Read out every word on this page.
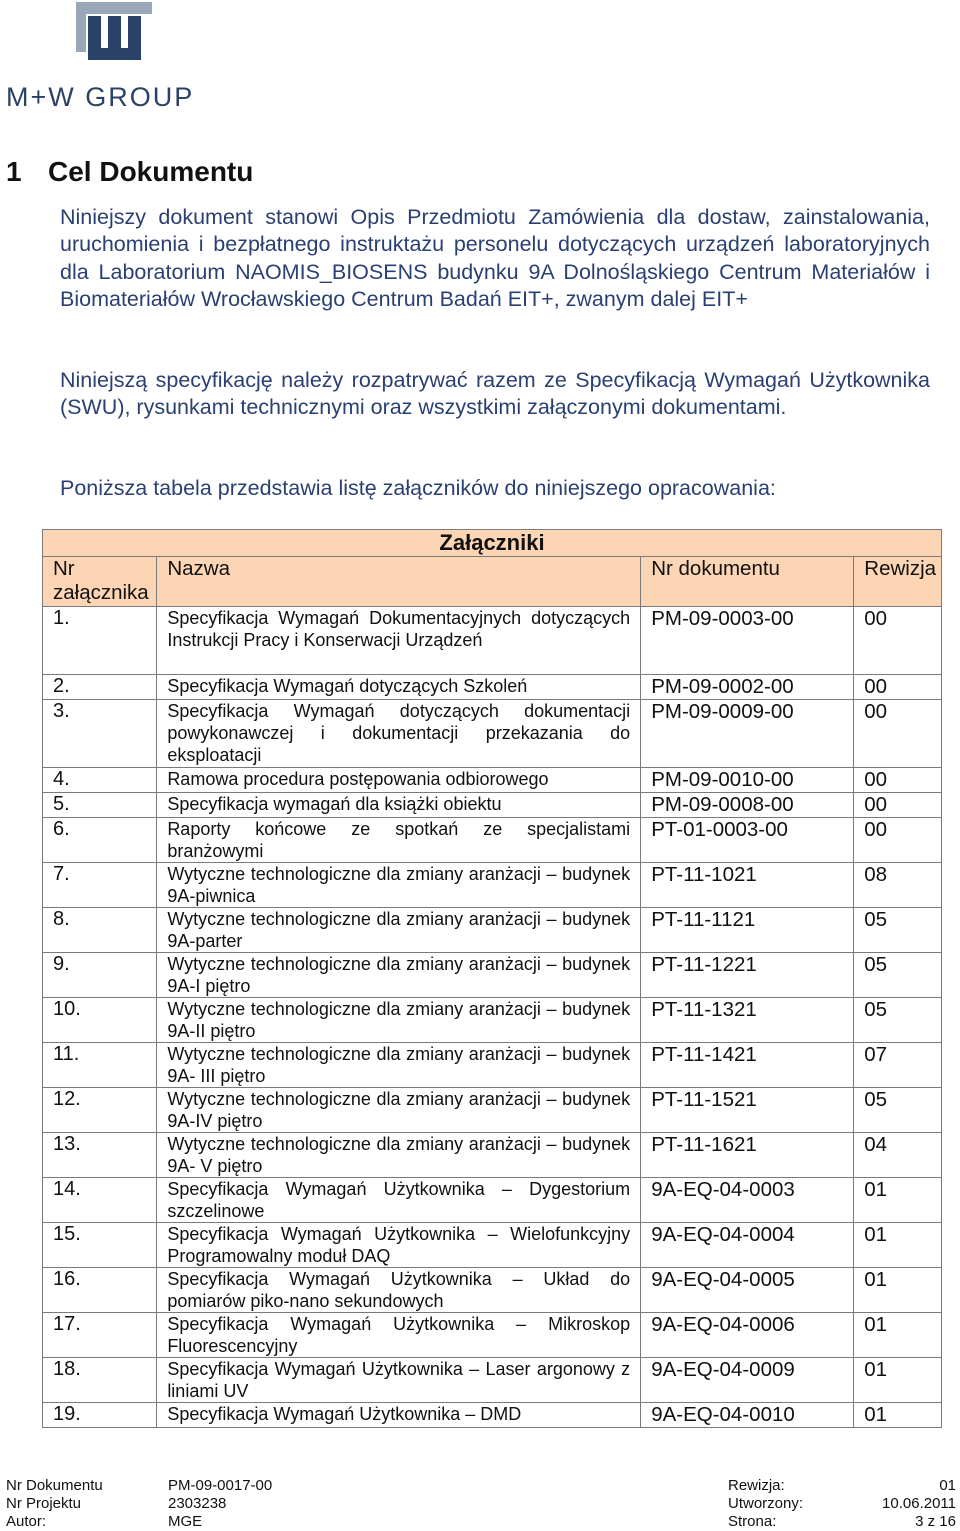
M+W GROUP
1 Cel Dokumentu

Niniejszy dokument stanowi Opis Przedmiotu Zamówienia dla dostaw, zainstalowania, uruchomienia i bezpłatnego instruktażu personelu dotyczących urządzeń laboratoryjnych dla Laboratorium NAOMIS_BIOSENS budynku 9A Dolnośląskiego Centrum Materiałów i Biomateriałów Wrocławskiego Centrum Badań EIT+, zwanym dalej EIT+

Niniejszą specyfikację należy rozpatrywać razem ze Specyfikacją Wymagań Użytkownika (SWU), rysunkami technicznymi oraz wszystkimi załączonymi dokumentami.

Poniższa tabela przedstawia listę załączników do niniejszego opracowania:

Załączniki			
Nr załącznika	Nazwa	Nr dokumentu	Rewizja
1.	Specyfikacja Wymagań Dokumentacyjnych dotyczących Instrukcji Pracy i Konserwacji Urządzeń	PM-09-0003-00	00
2.	Specyfikacja Wymagań dotyczących Szkoleń	PM-09-0002-00	00
3.	Specyfikacja Wymagań dotyczących dokumentacji powykonawczej i dokumentacji przekazania do eksploatacji	PM-09-0009-00	00
4.	Ramowa procedura postępowania odbiorowego	PM-09-0010-00	00
5.	Specyfikacja wymagań dla książki obiektu	PM-09-0008-00	00
6.	Raporty końcowe ze spotkań ze specjalistami branżowymi	PT-01-0003-00	00
7.	Wytyczne technologiczne dla zmiany aranżacji – budynek 9A-piwnica	PT-11-1021	08
8.	Wytyczne technologiczne dla zmiany aranżacji – budynek 9A-parter	PT-11-1121	05
9.	Wytyczne technologiczne dla zmiany aranżacji – budynek 9A-I piętro	PT-11-1221	05
10.	Wytyczne technologiczne dla zmiany aranżacji – budynek 9A-II piętro	PT-11-1321	05
11.	Wytyczne technologiczne dla zmiany aranżacji – budynek 9A- III piętro	PT-11-1421	07
12.	Wytyczne technologiczne dla zmiany aranżacji – budynek 9A-IV piętro	PT-11-1521	05
13.	Wytyczne technologiczne dla zmiany aranżacji – budynek 9A- V piętro	PT-11-1621	04
14.	Specyfikacja Wymagań Użytkownika – Dygestorium szczelinowe	9A-EQ-04-0003	01
15.	Specyfikacja Wymagań Użytkownika – Wielofunkcyjny Programowalny moduł DAQ	9A-EQ-04-0004	01
16.	Specyfikacja Wymagań Użytkownika – Układ do pomiarów piko-nano sekundowych	9A-EQ-04-0005	01
17.	Specyfikacja Wymagań Użytkownika – Mikroskop Fluorescencyjny	9A-EQ-04-0006	01
18.	Specyfikacja Wymagań Użytkownika – Laser argonowy z liniami UV	9A-EQ-04-0009	01
19.	Specyfikacja Wymagań Użytkownika – DMD	9A-EQ-04-0010	01
Nr Dokumentu	PM-09-0017-00	Rewizja:	01
Nr Projektu	2303238	Utworzony:	10.06.2011
Autor:	MGE	Strona:	3 z 16
